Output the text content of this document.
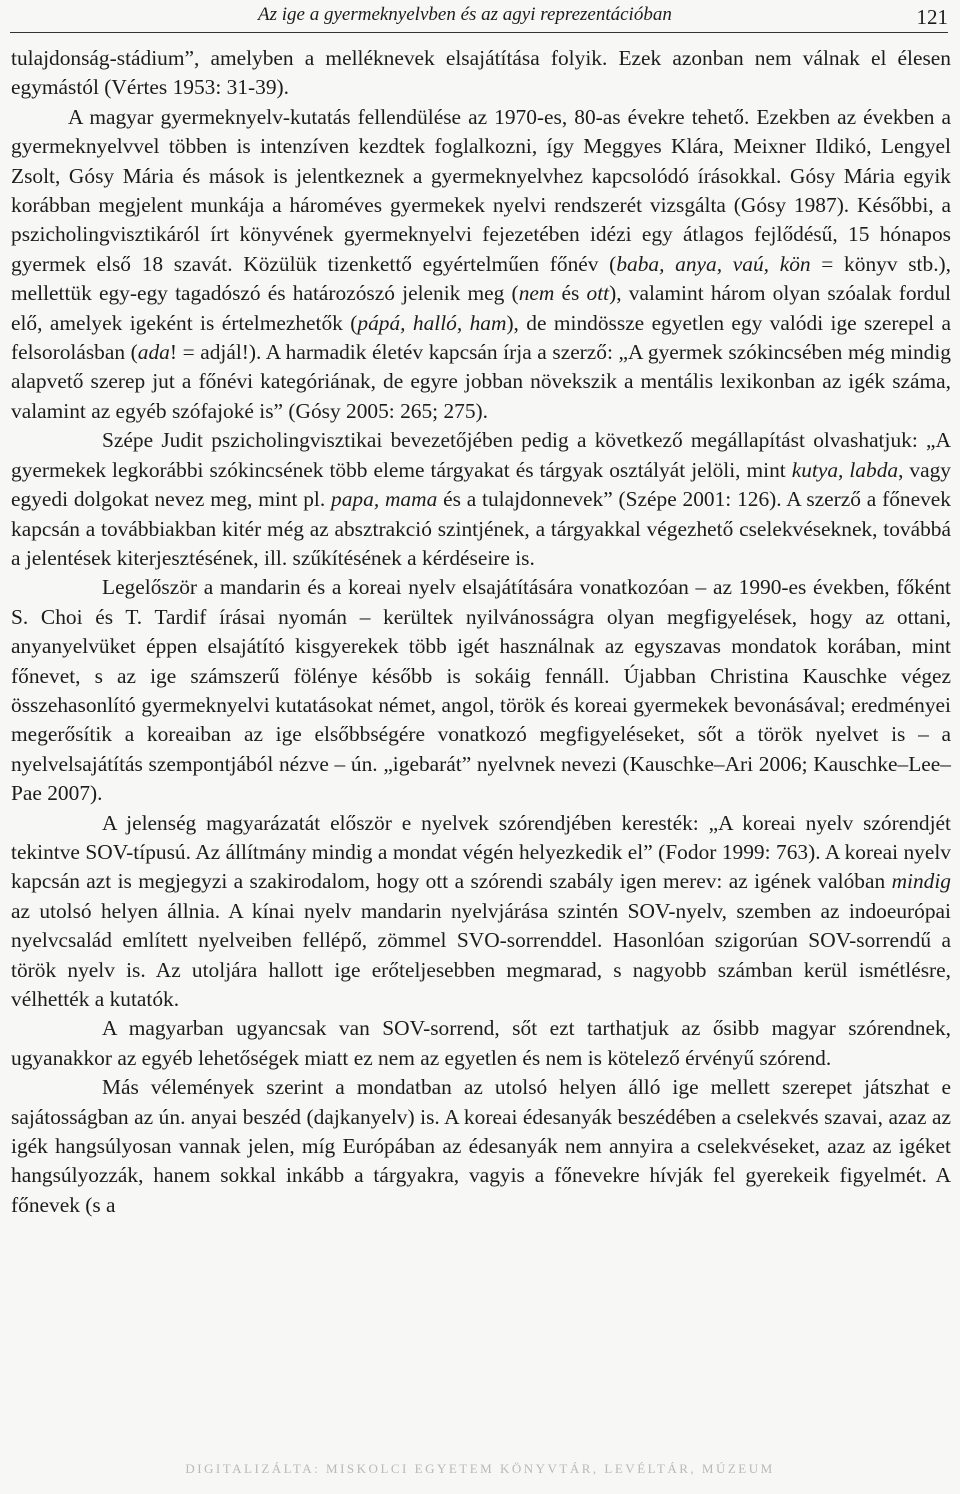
Az ige a gyermeknyelvben és az agyi reprezentációban	121

tulajdonság-stádium”, amelyben a melléknevek elsajátítása folyik. Ezek azonban nem válnak el élesen egymástól (Vértes 1953: 31-39).

A magyar gyermeknyelv-kutatás fellendülése az 1970-es, 80-as évekre tehető. Ezekben az években a gyermeknyelvvel többen is intenzíven kezdtek foglalkozni, így Meggyes Klára, Meixner Ildikó, Lengyel Zsolt, Gósy Mária és mások is jelentkeznek a gyermeknyelvhez kapcsolódó írásokkal. Gósy Mária egyik korábban megjelent munkája a hároméves gyermekek nyelvi rendszerét vizsgálta (Gósy 1987). Későbbi, a pszicholingvisztikáról írt könyvének gyermeknyelvi fejezetében idézi egy átlagos fejlődésű, 15 hónapos gyermek első 18 szavát. Közülük tizenkettő egyértelműen főnév (baba, anya, vaú, kön = könyv stb.), mellettük egy-egy tagadószó és határozószó jelenik meg (nem és ott), valamint három olyan szóalak fordul elő, amelyek igeként is értelmezhetők (pápá, halló, ham), de mindössze egyetlen egy valódi ige szerepel a felsorolásban (ada! = adjál!). A harmadik életév kapcsán írja a szerző: „A gyermek szókincsében még mindig alapvető szerep jut a főnévi kategóriának, de egyre jobban növekszik a mentális lexikonban az igék száma, valamint az egyéb szófajoké is” (Gósy 2005: 265; 275).

Szépe Judit pszicholingvisztikai bevezetőjében pedig a következő megállapítást olvashatjuk: „A gyermekek legkorábbi szókincsének több eleme tárgyakat és tárgyak osztályát jelöli, mint kutya, labda, vagy egyedi dolgokat nevez meg, mint pl. papa, mama és a tulajdonnevek” (Szépe 2001: 126). A szerző a főnevek kapcsán a továbbiakban kitér még az absztrakció szintjének, a tárgyakkal végezhető cselekvéseknek, továbbá a jelentések kiterjesztésének, ill. szűkítésének a kérdéseire is.

Legelőször a mandarin és a koreai nyelv elsajátítására vonatkozóan – az 1990-es években, főként S. Choi és T. Tardif írásai nyomán – kerültek nyilvánosságra olyan megfigyelések, hogy az ottani, anyanyelvüket éppen elsajátító kisgyerekek több igét használnak az egyszavas mondatok korában, mint főnevet, s az ige számszerű fölénye később is sokáig fennáll. Újabban Christina Kauschke végez összehasonlító gyermeknyelvi kutatásokat német, angol, török és koreai gyermekek bevonásával; eredményei megerősítik a koreaiban az ige elsőbbségére vonatkozó megfigyeléseket, sőt a török nyelvet is – a nyelvelsajátítás szempontjából nézve – ún. „igebarát” nyelvnek nevezi (Kauschke–Ari 2006; Kauschke–Lee–Pae 2007).

A jelenség magyarázatát először e nyelvek szórendjében keresték: „A koreai nyelv szórendjét tekintve SOV-típusú. Az állítmány mindig a mondat végén helyezkedik el” (Fodor 1999: 763). A koreai nyelv kapcsán azt is megjegyzi a szakirodalom, hogy ott a szórendi szabály igen merev: az igének valóban mindig az utolsó helyen állnia. A kínai nyelv mandarin nyelvjárása szintén SOV-nyelv, szemben az indoeurópai nyelvcsalád említett nyelveiben fellépő, zömmel SVO-sorrenddel. Hasonlóan szigorúan SOV-sorrendű a török nyelv is. Az utoljára hallott ige erőteljesebben megmarad, s nagyobb számban kerül ismétlésre, vélhették a kutatók.

A magyarban ugyancsak van SOV-sorrend, sőt ezt tarthatjuk az ősibb magyar szórendnek, ugyanakkor az egyéb lehetőségek miatt ez nem az egyetlen és nem is kötelező érvényű szórend.

Más vélemények szerint a mondatban az utolsó helyen álló ige mellett szerepet játszhat e sajátosságban az ún. anyai beszéd (dajkanyelv) is. A koreai édesanyák beszédében a cselekvés szavai, azaz az igék hangsúlyosan vannak jelen, míg Európában az édesanyák nem annyira a cselekvéseket, azaz az igéket hangsúlyozzák, hanem sokkal inkább a tárgyakra, vagyis a főnevekre hívják fel gyerekeik figyelmét. A főnevek (s a

DIGITALIZÁLTA: MISKOLCI EGYETEM KÖNYVTÁR, LEVÉLTÁR, MÚZEUM
